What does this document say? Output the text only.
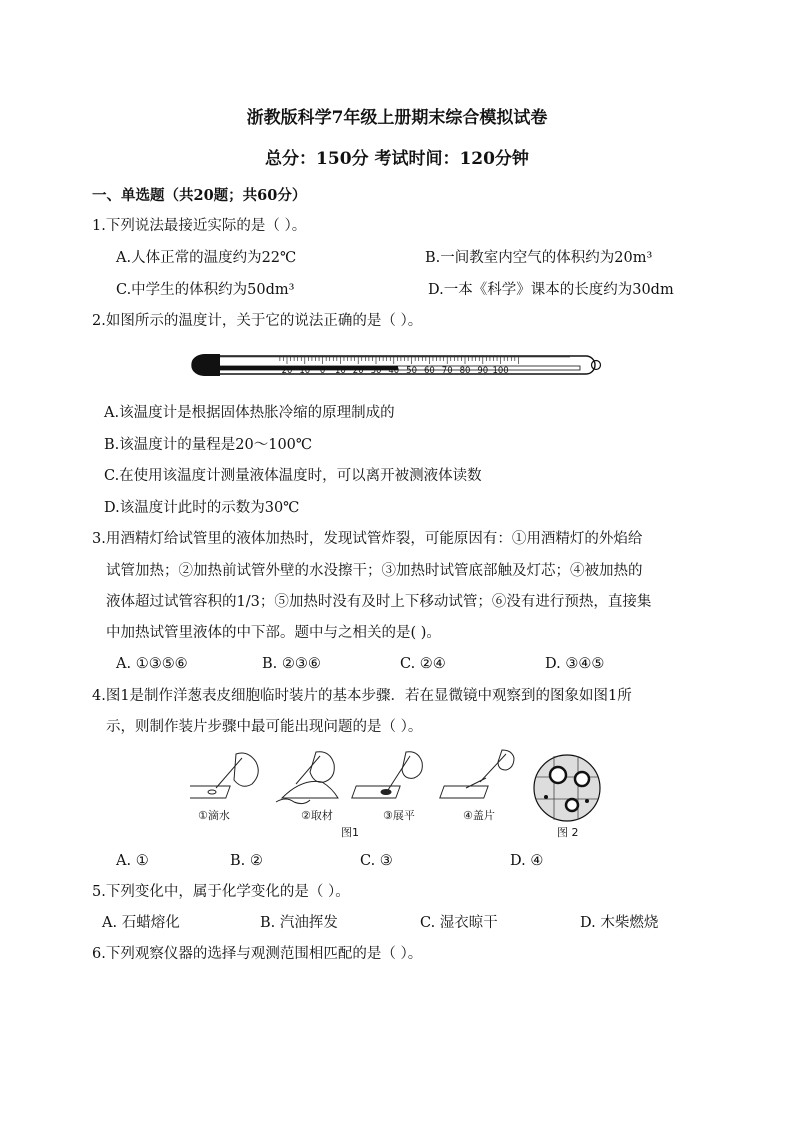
浙教版科学7年级上册期末综合模拟试卷
总分：150分 考试时间：120分钟
一、单选题（共20题；共60分）
1.下列说法最接近实际的是（ ）。
A.人体正常的温度约为22℃	B.一间教室内空气的体积约为20m³
C.中学生的体积约为50dm³	D.一本《科学》课本的长度约为30dm
2.如图所示的温度计，关于它的说法正确的是（ ）。
20 10 0 10 20 30 40 50 60 70 80 90 100
A.该温度计是根据固体热胀冷缩的原理制成的
B.该温度计的量程是20～100℃
C.在使用该温度计测量液体温度时，可以离开被测液体读数
D.该温度计此时的示数为30℃
3.用酒精灯给试管里的液体加热时，发现试管炸裂，可能原因有：①用酒精灯的外焰给
试管加热；②加热前试管外壁的水没擦干；③加热时试管底部触及灯芯；④被加热的
液体超过试管容积的1/3；⑤加热时没有及时上下移动试管；⑥没有进行预热，直接集
中加热试管里液体的中下部。题中与之相关的是( )。
A. ①③⑤⑥	B. ②③⑥	C. ②④	D. ③④⑤
4.图1是制作洋葱表皮细胞临时装片的基本步骤．若在显微镜中观察到的图象如图1所
示，则制作装片步骤中最可能出现问题的是（ ）。
①滴水	②取材	③展平	④盖片
图1	图 2
A. ①	B. ②	C. ③	D. ④
5.下列变化中，属于化学变化的是（ ）。
A. 石蜡熔化	B. 汽油挥发	C. 湿衣晾干	D. 木柴燃烧
6.下列观察仪器的选择与观测范围相匹配的是（ ）。
